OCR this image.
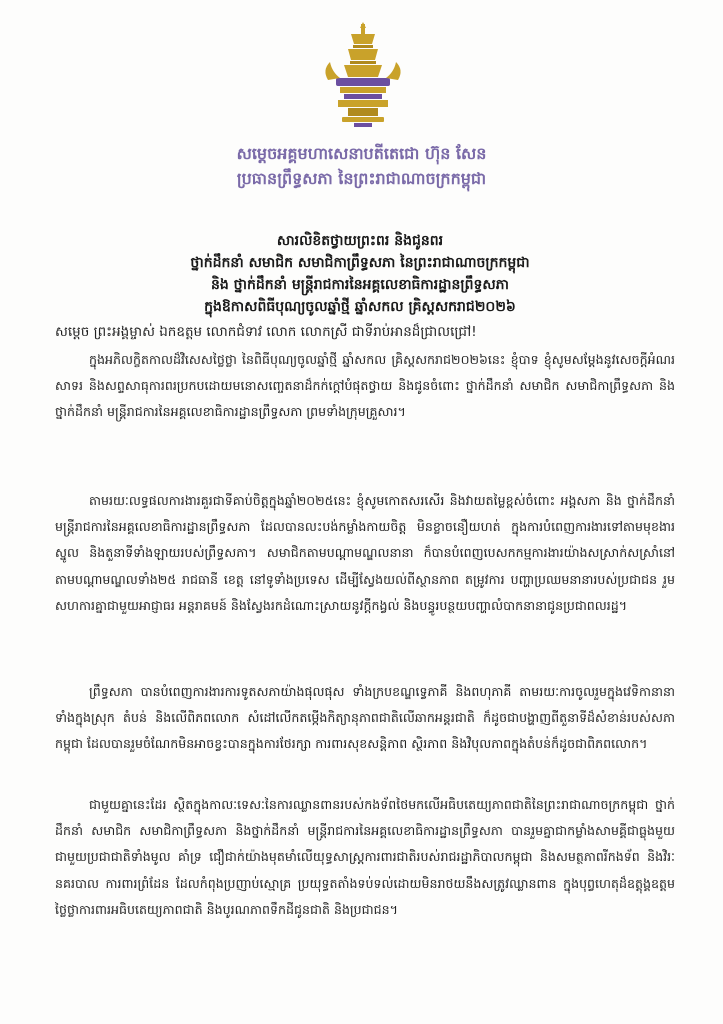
សម្តេចអគ្គមហាសេនាបតីតេជោ ហ៊ុន សែន
ប្រធានព្រឹទ្ធសភា នៃព្រះរាជាណាចក្រកម្ពុជា
សារលិខិតថ្វាយព្រះពរ និងជូនពរ
ថ្នាក់ដឹកនាំ សមាជិក សមាជិកាព្រឹទ្ធសភា នៃព្រះរាជាណាចក្រកម្ពុជា
និង ថ្នាក់ដឹកនាំ មន្ត្រីរាជការនៃអគ្គលេខាធិការដ្ឋានព្រឹទ្ធសភា
ក្នុងឱកាសពិធីបុណ្យចូលឆ្នាំថ្មី ឆ្នាំសកល គ្រិស្តសករាជ២០២៦
សម្តេច ព្រះអង្គម្ចាស់ ឯកឧត្តម លោកជំទាវ លោក លោកស្រី ជាទីរាប់អានដ៏ជ្រាលជ្រៅ!
ក្នុងអភិលក្ខិតកាលដ៏វិសេសថ្លៃថ្លា នៃពិធីបុណ្យចូលឆ្នាំថ្មី ឆ្នាំសកល គ្រិស្តសករាជ២០២៦នេះ ខ្ញុំបាទ ខ្ញុំសូមសម្តែងនូវសេចក្តីអំណរសាទរ និងសព្ទសាធុការពរប្រកបដោយមនោសញ្ចេតនាដ៏កក់ក្តៅបំផុតថ្វាយ និងជូនចំពោះ ថ្នាក់ដឹកនាំ សមាជិក សមាជិកាព្រឹទ្ធសភា និង ថ្នាក់ដឹកនាំ មន្ត្រីរាជការនៃអគ្គលេខាធិការដ្ឋានព្រឹទ្ធសភា ព្រមទាំងក្រុមគ្រួសារ។
តាមរយៈលទ្ធផលការងារគួរជាទីគាប់ចិត្តក្នុងឆ្នាំ២០២៥នេះ ខ្ញុំសូមកោតសរសើរ និងវាយតម្លៃខ្ពស់ចំពោះ អង្គសភា និង ថ្នាក់ដឹកនាំ មន្ត្រីរាជការនៃអគ្គលេខាធិការដ្ឋានព្រឹទ្ធសភា ដែលបានលះបង់កម្លាំងកាយចិត្ត មិនខ្លាចនឿយហត់ ក្នុងការបំពេញការងារទៅតាមមុខងារស្នូល និងតួនាទីទាំងឡាយរបស់ព្រឹទ្ធសភា។ សមាជិកតាមបណ្តាមណ្ឌលនានា ក៏បានបំពេញបេសកកម្មការងារយ៉ាងសស្រាក់សស្រាំនៅតាមបណ្តាមណ្ឌលទាំង២៥ រាជធានី ខេត្ត នៅទូទាំងប្រទេស ដើម្បីស្វែងយល់ពីស្ថានភាព តម្រូវការ បញ្ហាប្រឈមនានារបស់ប្រជាជន រួមសហការគ្នាជាមួយអាជ្ញាធរ អន្តរាគមន៍ និងស្វែងរកដំណោះស្រាយនូវក្តីកង្វល់ និងបន្ធូរបន្ថយបញ្ហាលំបាកនានាជូនប្រជាពលរដ្ឋ។
ព្រឹទ្ធសភា បានបំពេញការងារការទូតសភាយ៉ាងផុលផុស ទាំងក្របខណ្ឌទ្វេភាគី និងពហុភាគី តាមរយៈការចូលរួមក្នុងវេទិកានានាទាំងក្នុងស្រុក តំបន់ និងលើពិភពលោក សំដៅលើកតម្កើងកិត្យានុភាពជាតិលើឆាកអន្តរជាតិ ក៏ដូចជាបង្ហាញពីតួនាទីដ៏សំខាន់របស់សភាកម្ពុជា ដែលបានរួមចំណែកមិនអាចខ្វះបានក្នុងការថែរក្សា ការពារសុខសន្តិភាព ស្ថិរភាព និងវិបុលភាពក្នុងតំបន់ក៏ដូចជាពិភពលោក។
ជាមួយគ្នានេះដែរ ស្ថិតក្នុងកាលៈទេសៈនៃការឈ្លានពានរបស់កងទ័ពថៃមកលើអធិបតេយ្យភាពជាតិនៃព្រះរាជាណាចក្រកម្ពុជា ថ្នាក់ដឹកនាំ សមាជិក សមាជិកាព្រឹទ្ធសភា និងថ្នាក់ដឹកនាំ មន្ត្រីរាជការនៃអគ្គលេខាធិការដ្ឋានព្រឹទ្ធសភា បានរួមគ្នាជាកម្លាំងសាមគ្គីជាធ្លុងមួយ ជាមួយប្រជាជាតិទាំងមូល គាំទ្រ ជឿជាក់យ៉ាងមុតមាំលើយុទ្ធសាស្ត្រការពារជាតិរបស់រាជរដ្ឋាភិបាលកម្ពុជា និងសមត្ថភាពរីកងទ័ព និងវិរៈនគរបាល ការពារព្រំដែន ដែលកំពុងប្រញាប់ស្មោគ្រ ប្រយុទ្ធតតាំងទប់ទល់ដោយមិនរាថយនឹងសត្រូវឈ្លានពាន ក្នុងបុព្វហេតុដ៏ឧត្តុង្គឧត្តមថ្លៃថ្លាការពារអធិបតេយ្យភាពជាតិ និងបូរណភាពទឹកដីជូនជាតិ និងប្រជាជន។
